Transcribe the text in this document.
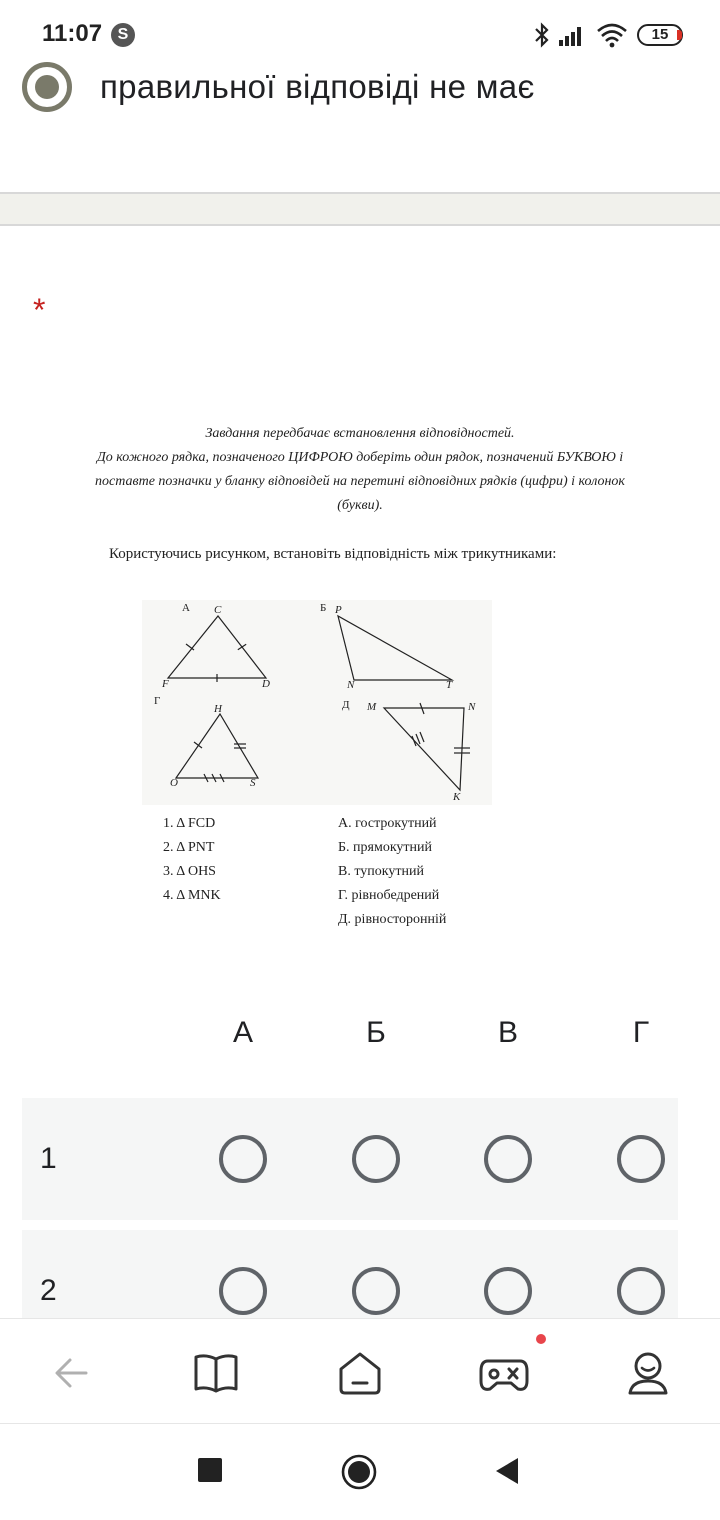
11:07 S	15
правильної відповіді не має
*
Завдання передбачає встановлення відповідностей.
До кожного рядка, позначеного ЦИФРОЮ доберіть один рядок, позначений БУКВОЮ і
поставте позначки у бланку відповідей на перетині відповідних рядків (цифри) і колонок
(букви).
Користуючись рисунком, встановіть відповідність між трикутниками:
А C
F	D
Б P
N	T
Г
H
O	S
Д M	N
K
1. Δ FCD
2. Δ PNT
3. Δ OHS
4. Δ MNK
А. гострокутний
Б. прямокутний
В. тупокутний
Г. рівнобедрений
Д. рівносторонній
А	Б	В	Г
1
2
